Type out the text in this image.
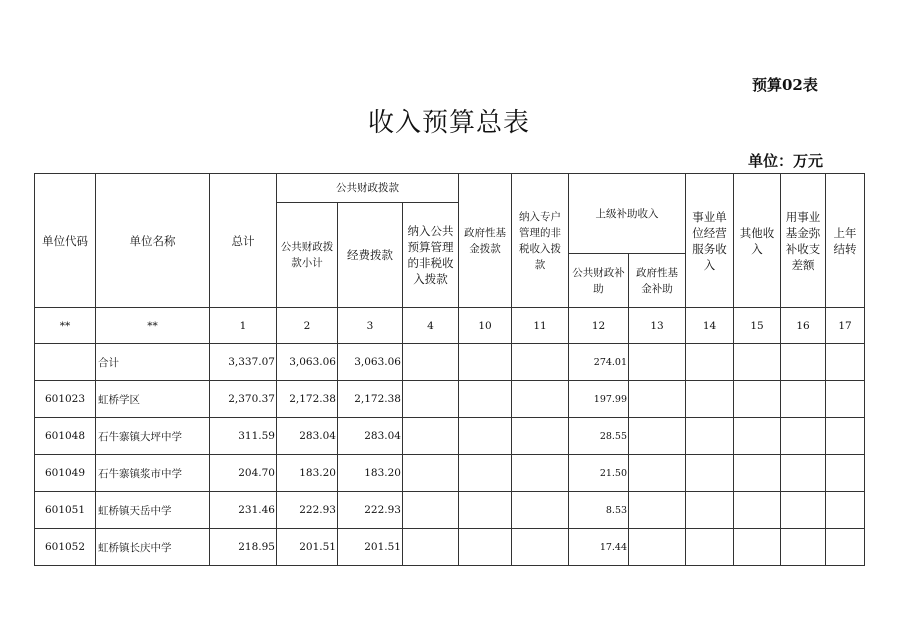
预算02表
收入预算总表
单位：万元
单位代码	单位名称	总计	公共财政拨款			政府性基金拨款	纳入专户管理的非税收入拨款	上级补助收入		事业单位经营服务收入	其他收入	用事业基金弥补收支差额	上年结转
			公共财政拨款小计	经费拨款	纳入公共预算管理的非税收入拨款								
								公共财政补助	政府性基金补助				
**	**	1	2	3	4	10	11	12	13	14	15	16	17
	合计	3,337.07	3,063.06	3,063.06				274.01					
601023	虹桥学区	2,370.37	2,172.38	2,172.38				197.99					
601048	石牛寨镇大坪中学	311.59	283.04	283.04				28.55					
601049	石牛寨镇浆市中学	204.70	183.20	183.20				21.50					
601051	虹桥镇天岳中学	231.46	222.93	222.93				8.53					
601052	虹桥镇长庆中学	218.95	201.51	201.51				17.44					
